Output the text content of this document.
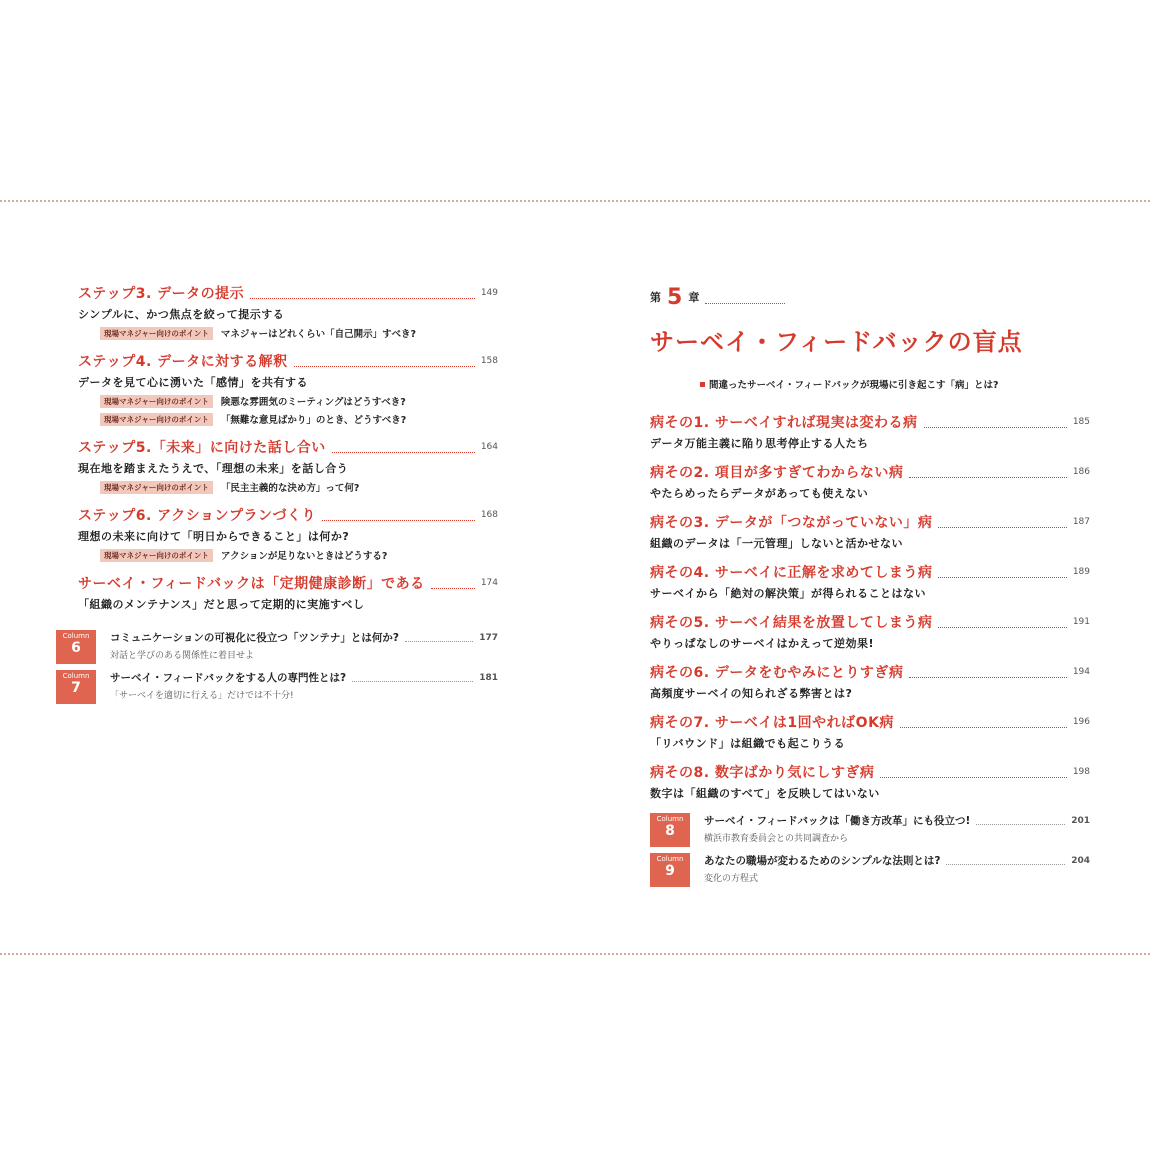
ステップ3. データの提示	149
シンプルに、かつ焦点を絞って提示する
現場マネジャー向けのポイント	マネジャーはどれくらい「自己開示」すべき?
ステップ4. データに対する解釈	158
データを見て心に湧いた「感情」を共有する
現場マネジャー向けのポイント	険悪な雰囲気のミーティングはどうすべき?
現場マネジャー向けのポイント	「無難な意見ばかり」のとき、どうすべき?
ステップ5.「未来」に向けた話し合い	164
現在地を踏まえたうえで、「理想の未来」を話し合う
現場マネジャー向けのポイント	「民主主義的な決め方」って何?
ステップ6. アクションプランづくり	168
理想の未来に向けて「明日からできること」は何か?
現場マネジャー向けのポイント	アクションが足りないときはどうする?
サーベイ・フィードバックは「定期健康診断」である	174
「組織のメンテナンス」だと思って定期的に実施すべし
Column
6
コミュニケーションの可視化に役立つ「ツンテナ」とは何か?	177
対話と学びのある関係性に着目せよ
Column
7
サーベイ・フィードバックをする人の専門性とは?	181
「サーベイを適切に行える」だけでは不十分!
第 5 章
サーベイ・フィードバックの盲点
間違ったサーベイ・フィードバックが現場に引き起こす「病」とは?
病その1. サーベイすれば現実は変わる病	185
データ万能主義に陥り思考停止する人たち
病その2. 項目が多すぎてわからない病	186
やたらめったらデータがあっても使えない
病その3. データが「つながっていない」病	187
組織のデータは「一元管理」しないと活かせない
病その4. サーベイに正解を求めてしまう病	189
サーベイから「絶対の解決策」が得られることはない
病その5. サーベイ結果を放置してしまう病	191
やりっぱなしのサーベイはかえって逆効果!
病その6. データをむやみにとりすぎ病	194
高頻度サーベイの知られざる弊害とは?
病その7. サーベイは1回やればOK病	196
「リバウンド」は組織でも起こりうる
病その8. 数字ばかり気にしすぎ病	198
数字は「組織のすべて」を反映してはいない
Column
8
サーベイ・フィードバックは「働き方改革」にも役立つ!	201
横浜市教育委員会との共同調査から
Column
9
あなたの職場が変わるためのシンプルな法則とは?	204
変化の方程式
